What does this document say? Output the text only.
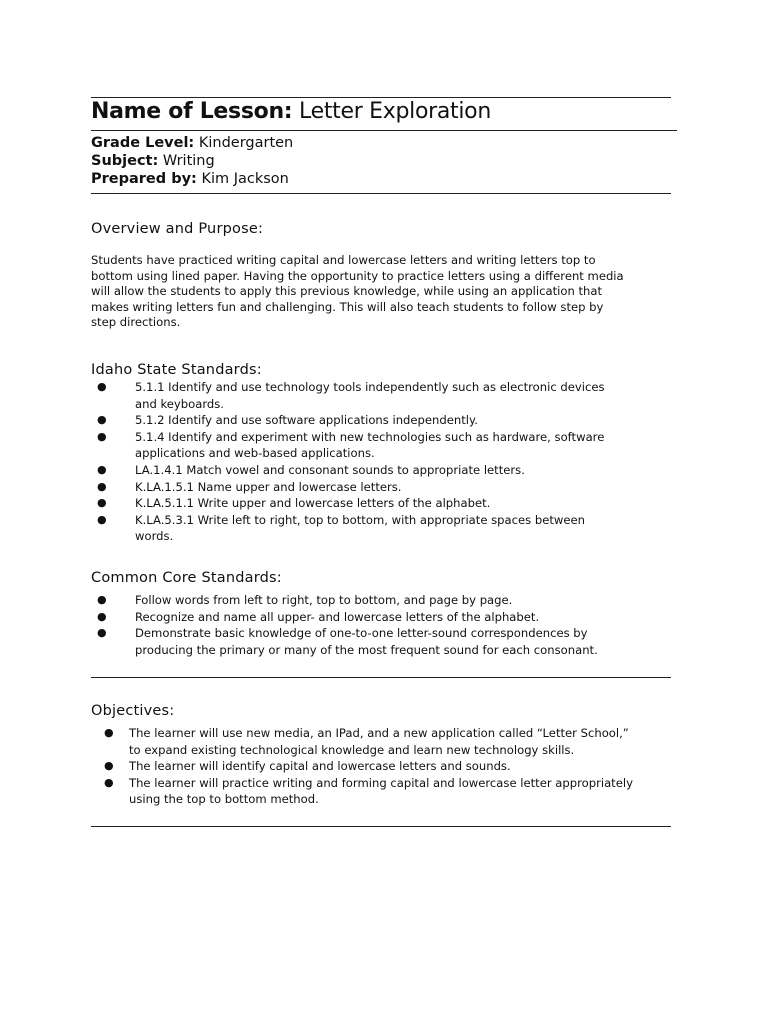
Name of Lesson: Letter Exploration
Grade Level: Kindergarten
Subject: Writing
Prepared by: Kim Jackson
Overview and Purpose:
Students have practiced writing capital and lowercase letters and writing letters top to
bottom using lined paper. Having the opportunity to practice letters using a different media
will allow the students to apply this previous knowledge, while using an application that
makes writing letters fun and challenging. This will also teach students to follow step by
step directions.
Idaho State Standards:
● 5.1.1 Identify and use technology tools independently such as electronic devices
and keyboards.
● 5.1.2 Identify and use software applications independently.
● 5.1.4 Identify and experiment with new technologies such as hardware, software
applications and web-based applications.
● LA.1.4.1 Match vowel and consonant sounds to appropriate letters.
● K.LA.1.5.1 Name upper and lowercase letters.
● K.LA.5.1.1 Write upper and lowercase letters of the alphabet.
● K.LA.5.3.1 Write left to right, top to bottom, with appropriate spaces between
words.
Common Core Standards:
● Follow words from left to right, top to bottom, and page by page.
● Recognize and name all upper- and lowercase letters of the alphabet.
● Demonstrate basic knowledge of one-to-one letter-sound correspondences by
producing the primary or many of the most frequent sound for each consonant.
Objectives:
● The learner will use new media, an IPad, and a new application called “Letter School,”
to expand existing technological knowledge and learn new technology skills.
● The learner will identify capital and lowercase letters and sounds.
● The learner will practice writing and forming capital and lowercase letter appropriately
using the top to bottom method.
